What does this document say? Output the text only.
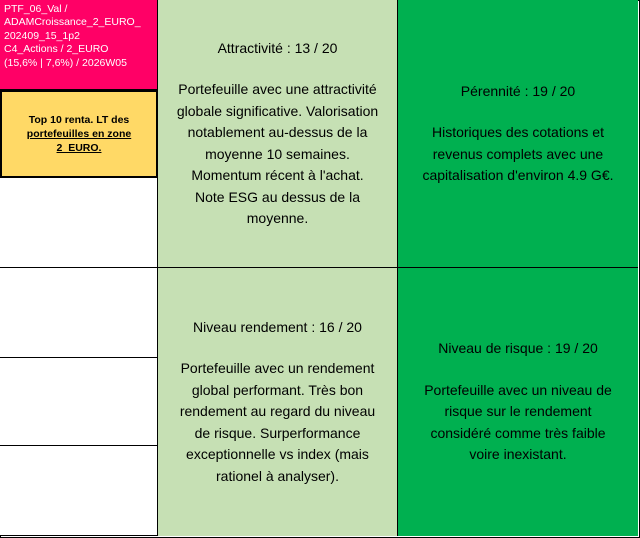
PTF_06_Val /
ADAMCroissance_2_EURO_
202409_15_1p2
C4_Actions / 2_EURO
(15,6% | 7,6%) / 2026W05
Top 10 renta. LT des
portefeuilles en zone
2_EURO.
Attractivité : 13 / 20
Portefeuille avec une attractivité
globale significative. Valorisation
notablement au-dessus de la
moyenne 10 semaines.
Momentum récent à l'achat.
Note ESG au dessus de la
moyenne.
Pérennité : 19 / 20
Historiques des cotations et
revenus complets avec une
capitalisation d'environ 4.9 G€.
Niveau rendement : 16 / 20
Portefeuille avec un rendement
global performant. Très bon
rendement au regard du niveau
de risque. Surperformance
exceptionnelle vs index (mais
rationel à analyser).
Niveau de risque : 19 / 20
Portefeuille avec un niveau de
risque sur le rendement
considéré comme très faible
voire inexistant.
